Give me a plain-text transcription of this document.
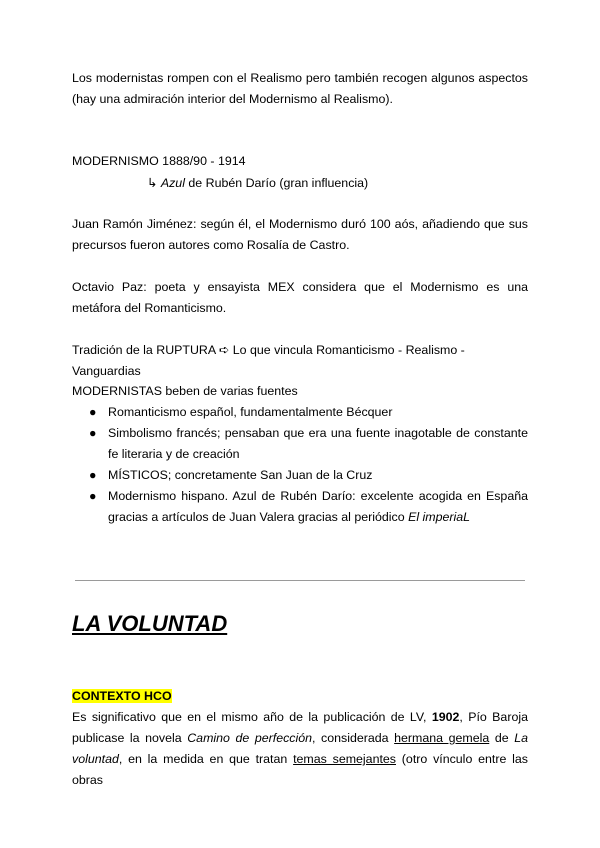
Los modernistas rompen con el Realismo pero también recogen algunos aspectos (hay una admiración interior del Modernismo al Realismo).

MODERNISMO 1888/90 - 1914

↳ Azul de Rubén Darío (gran influencia)

Juan Ramón Jiménez: según él, el Modernismo duró 100 aós, añadiendo que sus precursos fueron autores como Rosalía de Castro.

Octavio Paz: poeta y ensayista MEX considera que el Modernismo es una metáfora del Romanticismo.

Tradición de la RUPTURA ➪ Lo que vincula Romanticismo - Realismo - Vanguardias

MODERNISTAS beben de varias fuentes

● Romanticismo español, fundamentalmente Bécquer
● Simbolismo francés; pensaban que era una fuente inagotable de constante fe literaria y de creación
● MÍSTICOS; concretamente San Juan de la Cruz
● Modernismo hispano. Azul de Rubén Darío: excelente acogida en España gracias a artículos de Juan Valera gracias al periódico El imperiaL
LA VOLUNTAD

CONTEXTO HCO

Es significativo que en el mismo año de la publicación de LV, 1902, Pío Baroja publicase la novela Camino de perfección, considerada hermana gemela de La voluntad, en la medida en que tratan temas semejantes (otro vínculo entre las obras
